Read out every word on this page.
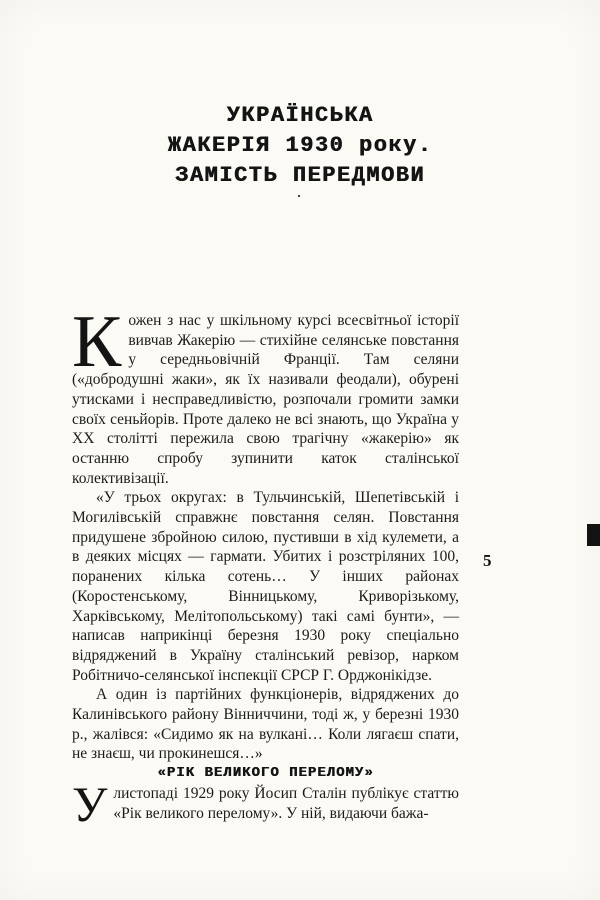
УКРАЇНСЬКА
ЖАКЕРІЯ 1930 року.
ЗАМІСТЬ ПЕРЕДМОВИ
·

Кожен з нас у шкільному курсі всесвітньої історії вивчав Жакерію — стихійне селянське повстання у середньовічній Франції. Там селяни («добродушні жаки», як їх називали феодали), обурені утисками і несправедливістю, розпочали громити замки своїх сеньйорів. Проте далеко не всі знають, що Україна у ХХ столітті пережила свою трагічну «жакерію» як останню спробу зупинити каток сталінської колективізації.

«У трьох округах: в Тульчинській, Шепетівській і Могилівській справжнє повстання селян. Повстання придушене збройною силою, пустивши в хід кулемети, а в деяких місцях — гармати. Убитих і розстріляних 100, поранених кілька сотень… У інших районах (Коростенському, Вінницькому, Криворізькому, Харківському, Мелітопольському) такі самі бунти», — написав наприкінці березня 1930 року спеціально відряджений в Україну сталінський ревізор, нарком Робітничо-селянської інспекції СРСР Г. Орджонікідзе.

А один із партійних функціонерів, відряджених до Калинівського району Вінниччини, тоді ж, у березні 1930 р., жалівся: «Сидимо як на вулкані… Коли лягаєш спати, не знаєш, чи прокинешся…»

«РІК ВЕЛИКОГО ПЕРЕЛОМУ»

Улистопаді 1929 року Йосип Сталін публікує статтю «Рік великого перелому». У ній, видаючи бажа-

5
